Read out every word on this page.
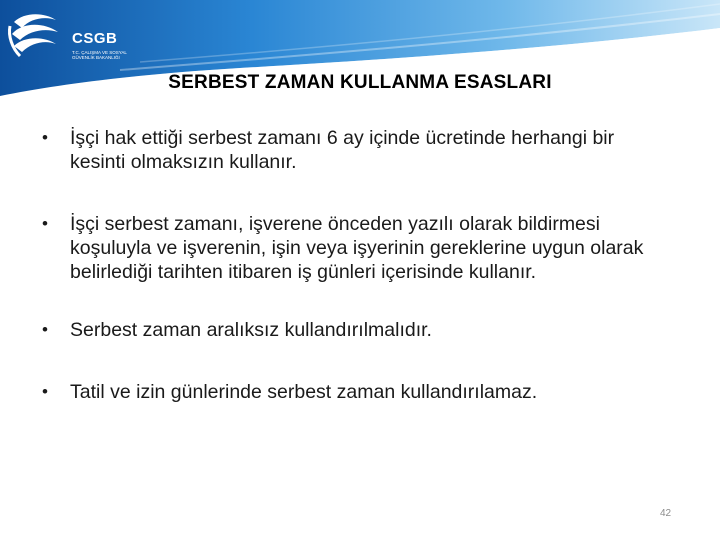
CSGB
T.C. ÇALIŞMA VE SOSYAL GÜVENLİK BAKANLIĞI
SERBEST ZAMAN KULLANMA ESASLARI
• İşçi hak ettiği serbest zamanı 6 ay içinde ücretinde herhangi bir kesinti olmaksızın kullanır.
• İşçi serbest zamanı, işverene önceden yazılı olarak bildirmesi koşuluyla ve işverenin, işin veya işyerinin gereklerine uygun olarak belirlediği tarihten itibaren iş günleri içerisinde kullanır.
• Serbest zaman aralıksız kullandırılmalıdır.
• Tatil ve izin günlerinde serbest zaman kullandırılamaz.
42
